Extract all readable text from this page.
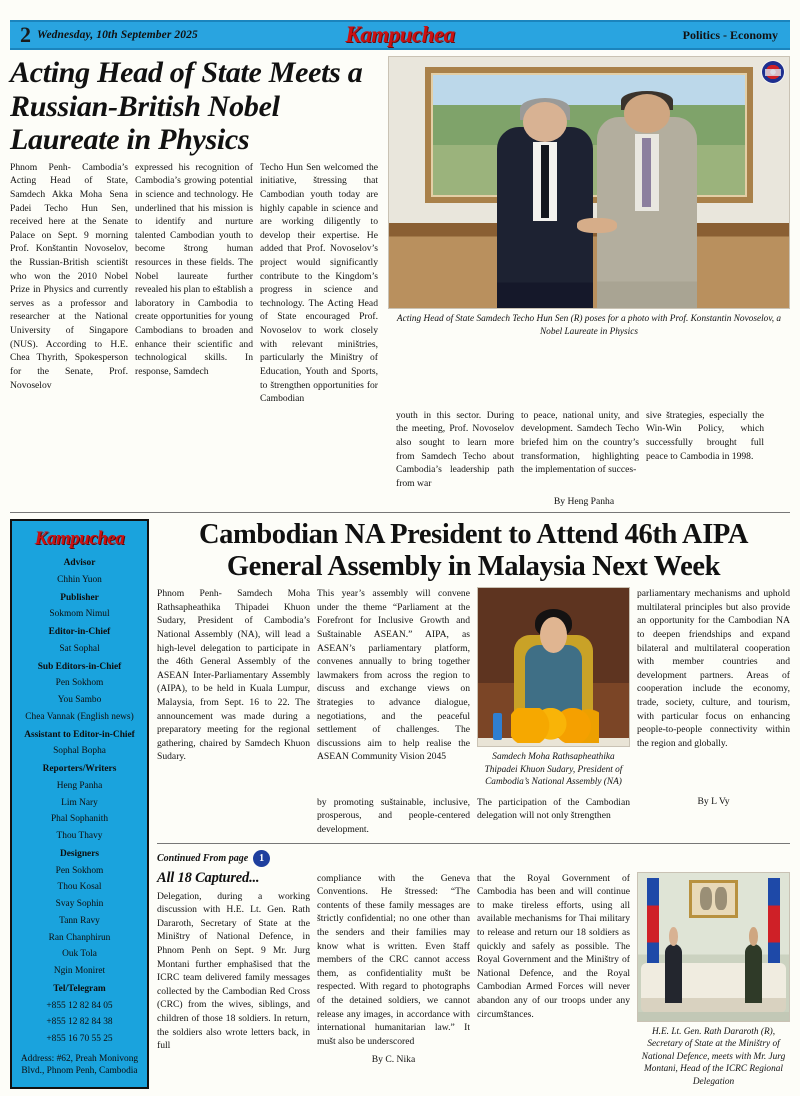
2 Wednesday, 10th September 2025	Kampuchea	Politics - Economy
Acting Head of State Meets a Russian-British Nobel Laureate in Physics
Phnom Penh- Cambodia’s Acting Head of State, Samdech Akka Moha Sena Padei Techo Hun Sen, received here at the Senate Palace on Sept. 9 morning Prof. Konštantin Novoselov, the Russian-British scientišt who won the 2010 Nobel Prize in Physics and currently serves as a professor and researcher at the National University of Singapore (NUS). According to H.E. Chea Thyrith, Spokesperson for the Senate, Prof. Novoselov
expressed his recognition of Cambodia’s growing potential in science and technology. He underlined that his mission is to identify and nurture talented Cambodian youth to become štrong human resources in these fields. The Nobel laureate further revealed his plan to eštablish a laboratory in Cambodia to create opportunities for young Cambodians to broaden and enhance their scientific and technological skills. In response, Samdech
Techo Hun Sen welcomed the initiative, štressing that Cambodian youth today are highly capable in science and are working diligently to develop their expertise. He added that Prof. Novoselov’s project would significantly contribute to the Kingdom’s progress in science and technology. The Acting Head of State encouraged Prof. Novoselov to work closely with relevant miništries, particularly the Miništry of Education, Youth and Sports, to štrengthen opportunities for Cambodian
Acting Head of State Samdech Techo Hun Sen (R) poses for a photo with Prof. Konstantin Novoselov, a Nobel Laureate in Physics
youth in this sector. During the meeting, Prof. Novoselov also sought to learn more from Samdech Techo about Cambodia’s leadership path from war
to peace, national unity, and development. Samdech Techo briefed him on the country’s transformation, highlighting the implementation of succes-
sive štrategies, especially the Win-Win Policy, which successfully brought full peace to Cambodia in 1998.
By Heng Panha
Kampuchea
Advisor
Chhin Yuon
Publisher
Sokmom Nimul
Editor-in-Chief
Sat Sophal
Sub Editors-in-Chief
Pen Sokhom
You Sambo
Chea Vannak (English news)
Assistant to Editor-in-Chief
Sophal Bopha
Reporters/Writers
Heng Panha
Lim Nary
Phal Sophanith
Thou Thavy
Designers
Pen Sokhom
Thou Kosal
Svay Sophin
Tann Ravy
Ran Chanphirun
Ouk Tola
Ngin Moniret
Tel/Telegram
+855 12 82 84 05
+855 12 82 84 38
+855 16 70 55 25
Address: #62, Preah Monivong Blvd., Phnom Penh, Cambodia
Cambodian NA President to Attend 46th AIPA General Assembly in Malaysia Next Week
Phnom Penh- Samdech Moha Rathsapheathika Thipadei Khuon Sudary, President of Cambodia’s National Assembly (NA), will lead a high-level delegation to participate in the 46th General Assembly of the ASEAN Inter-Parliamentary Assembly (AIPA), to be held in Kuala Lumpur, Malaysia, from Sept. 16 to 22. The announcement was made during a preparatory meeting for the regional gathering, chaired by Samdech Khuon Sudary.
This year’s assembly will convene under the theme “Parliament at the Forefront for Inclusive Growth and Suštainable ASEAN.” AIPA, as ASEAN’s parliamentary platform, convenes annually to bring together lawmakers from across the region to discuss and exchange views on štrategies to advance dialogue, negotiations, and the peaceful settlement of challenges. The discussions aim to help realise the ASEAN Community Vision 2045	Samdech Moha Rathsapheathika Thipadei Khuon Sudary, President of Cambodia’s National Assembly (NA)
parliamentary mechanisms and uphold multilateral principles but also provide an opportunity for the Cambodian NA to deepen friendships and expand bilateral and multilateral cooperation with member countries and development partners. Areas of cooperation include the economy, trade, society, culture, and tourism, with particular focus on enhancing people-to-people connectivity within the region and globally.
by promoting suštainable, inclusive, prosperous, and people-centered development.
The participation of the Cambodian delegation will not only štrengthen
By L Vy
Continued From page	1
All 18 Captured...
Delegation, during a working discussion with H.E. Lt. Gen. Rath Dararoth, Secretary of State at the Miništry of National Defence, in Phnom Penh on Sept. 9 Mr. Jurg Montani further emphašised that the ICRC team delivered family messages collected by the Cambodian Red Cross (CRC) from the wives, siblings, and children of those 18 soldiers. In return, the soldiers also wrote letters back, in full
compliance with the Geneva Conventions. He štressed: “The contents of these family messages are štrictly confidential; no one other than the senders and their families may know what is written. Even štaff members of the CRC cannot access them, as confidentiality mušt be respected. With regard to photographs of the detained soldiers, we cannot release any images, in accordance with international humanitarian law.” It mušt also be underscored
By C. Nika
that the Royal Government of Cambodia has been and will continue to make tireless efforts, using all available mechanisms for Thai military to release and return our 18 soldiers as quickly and safely as possible. The Royal Government and the Miništry of National Defence, and the Royal Cambodian Armed Forces will never abandon any of our troops under any circumštances.
H.E. Lt. Gen. Rath Dararoth (R), Secretary of State at the Miništry of National Defence, meets with Mr. Jurg Montani, Head of the ICRC Regional Delegation
